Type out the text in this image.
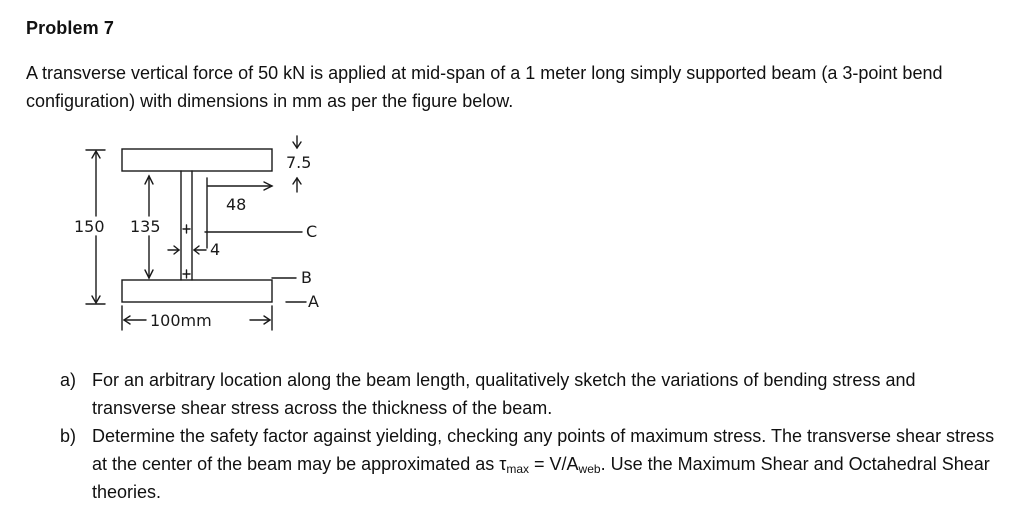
Problem 7
A transverse vertical force of 50 kN is applied at mid-span of a 1 meter long simply supported beam (a 3-point bend configuration) with dimensions in mm as per the figure below.
150 135
48
7.5
4
100mm
C
B
A
a) For an arbitrary location along the beam length, qualitatively sketch the variations of bending stress and transverse shear stress across the thickness of the beam.
b) Determine the safety factor against yielding, checking any points of maximum stress. The transverse shear stress at the center of the beam may be approximated as $\tau_{max} = V/A_{web}$. Use the Maximum Shear and Octahedral Shear theories.
